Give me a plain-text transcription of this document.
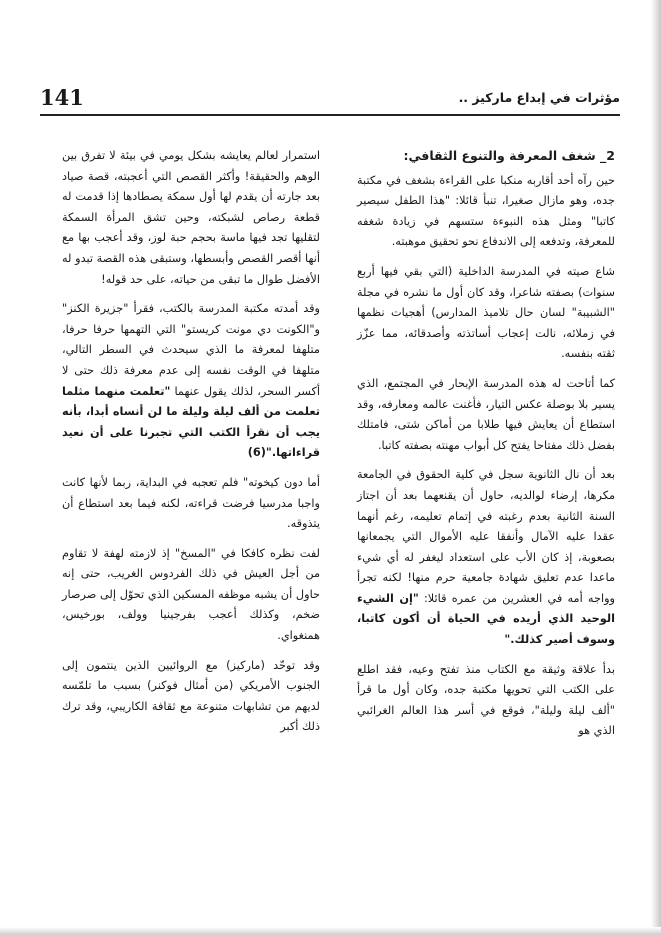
141	مؤثرات في إبداع ماركيز ..
2_ شغف المعرفة والتنوع الثقافي:

حين رآه أحد أقاربه منكبا على القراءة بشغف في مكتبة جده، وهو مازال صغيرا، تنبأ قائلا: "هذا الطفل سيصير كاتبا" ومثل هذه النبوءة ستسهم في زيادة شغفه للمعرفة، وتدفعه إلى الاندفاع نحو تحقيق موهبته.

شاع صيته في المدرسة الداخلية (التي بقي فيها أربع سنوات) بصفته شاعرا، وقد كان أول ما نشره في مجلة "الشبيبة" لسان حال تلاميذ المدارس) أهجيات نظمها في زملائه، نالت إعجاب أساتذته وأصدقائه، مما عزّز ثقته بنفسه.

كما أتاحت له هذه المدرسة الإبحار في المجتمع، الذي يسير بلا بوصلة عكس التيار، فأغنت عالمه ومعارفه، وقد استطاع أن يعايش فيها طلابا من أماكن شتى، فامتلك بفضل ذلك مفتاحا يفتح كل أبواب مهنته بصفته كاتبا.

بعد أن نال الثانوية سجل في كلية الحقوق في الجامعة مكرها، إرضاء لوالديه، حاول أن يقنعهما بعد أن اجتاز السنة الثانية بعدم رغبته في إتمام تعليمه، رغم أنهما عقدا عليه الآمال وأنفقا عليه الأموال التي يجمعانها بصعوبة، إذ كان الأب على استعداد ليغفر له أي شيء ماعدا عدم تعليق شهادة جامعية حرم منها! لكنه تجرأ وواجه أمه في العشرين من عمره قائلا: "إن الشيء الوحيد الذي أريده في الحياة أن أكون كاتبا، وسوف أصير كذلك."

بدأ علاقة وثيقة مع الكتاب منذ تفتح وعيه، فقد اطلع على الكتب التي تحويها مكتبة جده، وكان أول ما قرأ "ألف ليلة وليلة"، فوقع في أسر هذا العالم الغرائبي الذي هو

استمرار لعالم يعايشه بشكل يومي في بيئة لا تفرق بين الوهم والحقيقة! وأكثر القصص التي أعجبته، قصة صياد بعد جارته أن يقدم لها أول سمكة يصطادها إذا قدمت له قطعة رصاص لشبكته، وحين تشق المرأة السمكة لتقليها تجد فيها ماسة بحجم حبة لوز، وقد أعجب بها مع أنها أقصر القصص وأبسطها، وستبقى هذه القصة تبدو له الأفضل طوال ما تبقى من حياته، على حد قوله!

وقد أمدته مكتبة المدرسة بالكتب، فقرأ "جزيرة الكنز" و"الكونت دي مونت كريستو" التي التهمها حرفا حرفا، متلهفا لمعرفة ما الذي سيحدث في السطر التالي، متلهفا في الوقت نفسه إلى عدم معرفة ذلك حتى لا أكسر السحر، لذلك يقول عنهما "تعلمت منهما مثلما تعلمت من ألف ليلة وليلة ما لن أنساه أبدا، بأنه يجب أن نقرأ الكتب التي تجبرنا على أن نعيد قراءاتها."(6)

أما دون كيخوته" فلم تعجبه في البداية، ربما لأنها كانت واجبا مدرسيا فرضت قراءته، لكنه فيما بعد استطاع أن يتذوقه.

لفت نظره كافكا في "المسخ" إذ لازمته لهفة لا تقاوم من أجل العيش في ذلك الفردوس الغريب، حتى إنه حاول أن يشبه موظفه المسكين الذي تحوّل إلى صرصار ضخم، وكذلك أعجب بفرجينيا وولف، بورخيس، همنغواي.

وقد توحّد (ماركيز) مع الروائيين الذين ينتمون إلى الجنوب الأمريكي (من أمثال فوكنر) بسبب ما تلمّسه لديهم من تشابهات متنوعة مع ثقافة الكاريبي، وقد ترك ذلك أكبر
